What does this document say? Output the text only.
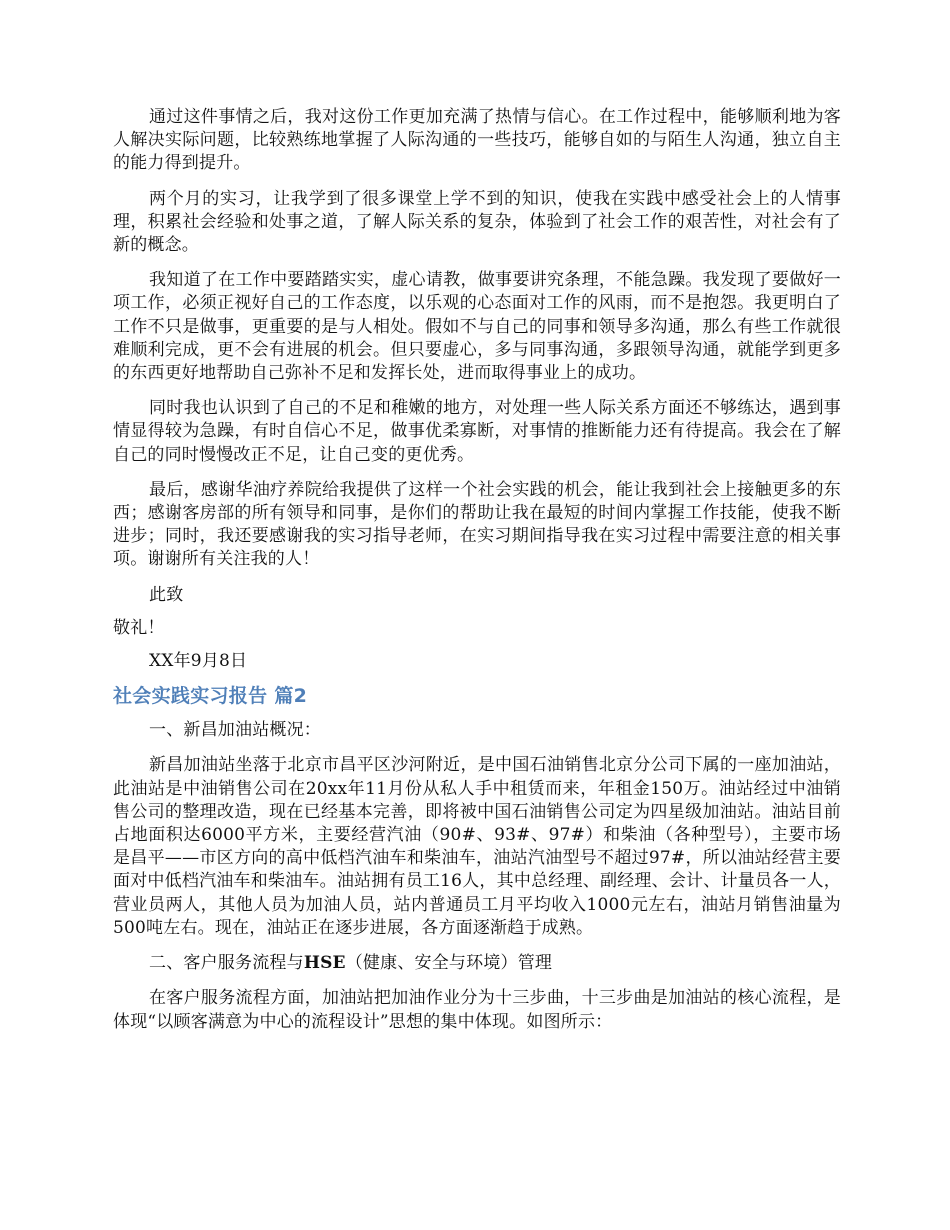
通过这件事情之后，我对这份工作更加充满了热情与信心。在工作过程中，能够顺利地为客人解决实际问题，比较熟练地掌握了人际沟通的一些技巧，能够自如的与陌生人沟通，独立自主的能力得到提升。

两个月的实习，让我学到了很多课堂上学不到的知识，使我在实践中感受社会上的人情事理，积累社会经验和处事之道，了解人际关系的复杂，体验到了社会工作的艰苦性，对社会有了新的概念。

我知道了在工作中要踏踏实实，虚心请教，做事要讲究条理，不能急躁。我发现了要做好一项工作，必须正视好自己的工作态度，以乐观的心态面对工作的风雨，而不是抱怨。我更明白了工作不只是做事，更重要的是与人相处。假如不与自己的同事和领导多沟通，那么有些工作就很难顺利完成，更不会有进展的机会。但只要虚心，多与同事沟通，多跟领导沟通，就能学到更多的东西更好地帮助自己弥补不足和发挥长处，进而取得事业上的成功。

同时我也认识到了自己的不足和稚嫩的地方，对处理一些人际关系方面还不够练达，遇到事情显得较为急躁，有时自信心不足，做事优柔寡断，对事情的推断能力还有待提高。我会在了解自己的同时慢慢改正不足，让自己变的更优秀。

最后，感谢华油疗养院给我提供了这样一个社会实践的机会，能让我到社会上接触更多的东西；感谢客房部的所有领导和同事，是你们的帮助让我在最短的时间内掌握工作技能，使我不断进步；同时，我还要感谢我的实习指导老师，在实习期间指导我在实习过程中需要注意的相关事项。谢谢所有关注我的人！

此致

敬礼！

XX年9月8日

社会实践实习报告 篇2

一、新昌加油站概况：

新昌加油站坐落于北京市昌平区沙河附近，是中国石油销售北京分公司下属的一座加油站，此油站是中油销售公司在20xx年11月份从私人手中租赁而来，年租金150万。油站经过中油销售公司的整理改造，现在已经基本完善，即将被中国石油销售公司定为四星级加油站。油站目前占地面积达6000平方米，主要经营汽油（90#、93#、97#）和柴油（各种型号），主要市场是昌平——市区方向的高中低档汽油车和柴油车，油站汽油型号不超过97#，所以油站经营主要面对中低档汽油车和柴油车。油站拥有员工16人，其中总经理、副经理、会计、计量员各一人，营业员两人，其他人员为加油人员，站内普通员工月平均收入1000元左右，油站月销售油量为500吨左右。现在，油站正在逐步进展，各方面逐渐趋于成熟。

二、客户服务流程与HSE（健康、安全与环境）管理

在客户服务流程方面，加油站把加油作业分为十三步曲，十三步曲是加油站的核心流程，是体现“以顾客满意为中心的流程设计”思想的集中体现。如图所示：
